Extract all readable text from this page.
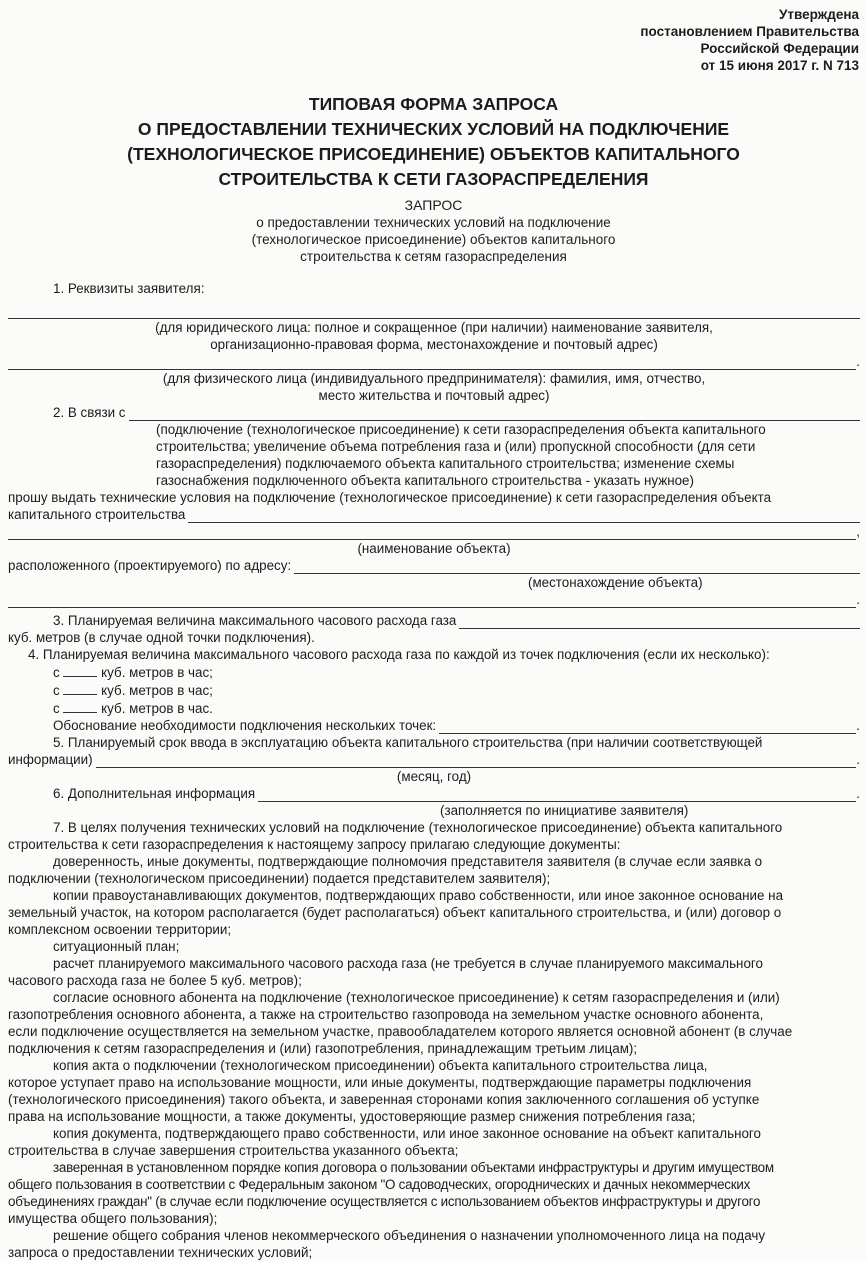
Утверждена
постановлением Правительства
Российской Федерации
от 15 июня 2017 г. N 713
ТИПОВАЯ ФОРМА ЗАПРОСА
О ПРЕДОСТАВЛЕНИИ ТЕХНИЧЕСКИХ УСЛОВИЙ НА ПОДКЛЮЧЕНИЕ
(ТЕХНОЛОГИЧЕСКОЕ ПРИСОЕДИНЕНИЕ) ОБЪЕКТОВ КАПИТАЛЬНОГО
СТРОИТЕЛЬСТВА К СЕТИ ГАЗОРАСПРЕДЕЛЕНИЯ
ЗАПРОС
о предоставлении технических условий на подключение
(технологическое присоединение) объектов капитального
строительства к сетям газораспределения
1. Реквизиты заявителя:
(для юридического лица: полное и сокращенное (при наличии) наименование заявителя,
организационно-правовая форма, местонахождение и почтовый адрес)
.
(для физического лица (индивидуального предпринимателя): фамилия, имя, отчество,
место жительства и почтовый адрес)
2. В связи с
(подключение (технологическое присоединение) к сети газораспределения объекта капитального
строительства; увеличение объема потребления газа и (или) пропускной способности (для сети
газораспределения) подключаемого объекта капитального строительства; изменение схемы
газоснабжения подключенного объекта капитального строительства - указать нужное)
прошу выдать технические условия на подключение (технологическое присоединение) к сети газораспределения объекта
капитального строительства
,
(наименование объекта)
расположенного (проектируемого) по адресу:
(местонахождение объекта)
.
3. Планируемая величина максимального часового расхода газа
куб. метров (в случае одной точки подключения).
4. Планируемая величина максимального часового расхода газа по каждой из точек подключения (если их несколько):
с	куб. метров в час;
с	куб. метров в час;
с	куб. метров в час.
Обоснование необходимости подключения нескольких точек:	.
5. Планируемый срок ввода в эксплуатацию объекта капитального строительства (при наличии соответствующей
информации)	.
(месяц, год)
6. Дополнительная информация	.
(заполняется по инициативе заявителя)
7. В целях получения технических условий на подключение (технологическое присоединение) объекта капитального
строительства к сети газораспределения к настоящему запросу прилагаю следующие документы:
доверенность, иные документы, подтверждающие полномочия представителя заявителя (в случае если заявка о
подключении (технологическом присоединении) подается представителем заявителя);
копии правоустанавливающих документов, подтверждающих право собственности, или иное законное основание на
земельный участок, на котором располагается (будет располагаться) объект капитального строительства, и (или) договор о
комплексном освоении территории;
ситуационный план;
расчет планируемого максимального часового расхода газа (не требуется в случае планируемого максимального
часового расхода газа не более 5 куб. метров);
согласие основного абонента на подключение (технологическое присоединение) к сетям газораспределения и (или)
газопотребления основного абонента, а также на строительство газопровода на земельном участке основного абонента,
если подключение осуществляется на земельном участке, правообладателем которого является основной абонент (в случае
подключения к сетям газораспределения и (или) газопотребления, принадлежащим третьим лицам);
копия акта о подключении (технологическом присоединении) объекта капитального строительства лица,
которое уступает право на использование мощности, или иные документы, подтверждающие параметры подключения
(технологического присоединения) такого объекта, и заверенная сторонами копия заключенного соглашения об уступке
права на использование мощности, а также документы, удостоверяющие размер снижения потребления газа;
копия документа, подтверждающего право собственности, или иное законное основание на объект капитального
строительства в случае завершения строительства указанного объекта;
заверенная в установленном порядке копия договора о пользовании объектами инфраструктуры и другим имуществом
общего пользования в соответствии с Федеральным законом "О садоводческих, огороднических и дачных некоммерческих
объединениях граждан" (в случае если подключение осуществляется с использованием объектов инфраструктуры и другого
имущества общего пользования);
решение общего собрания членов некоммерческого объединения о назначении уполномоченного лица на подачу
запроса о предоставлении технических условий;
